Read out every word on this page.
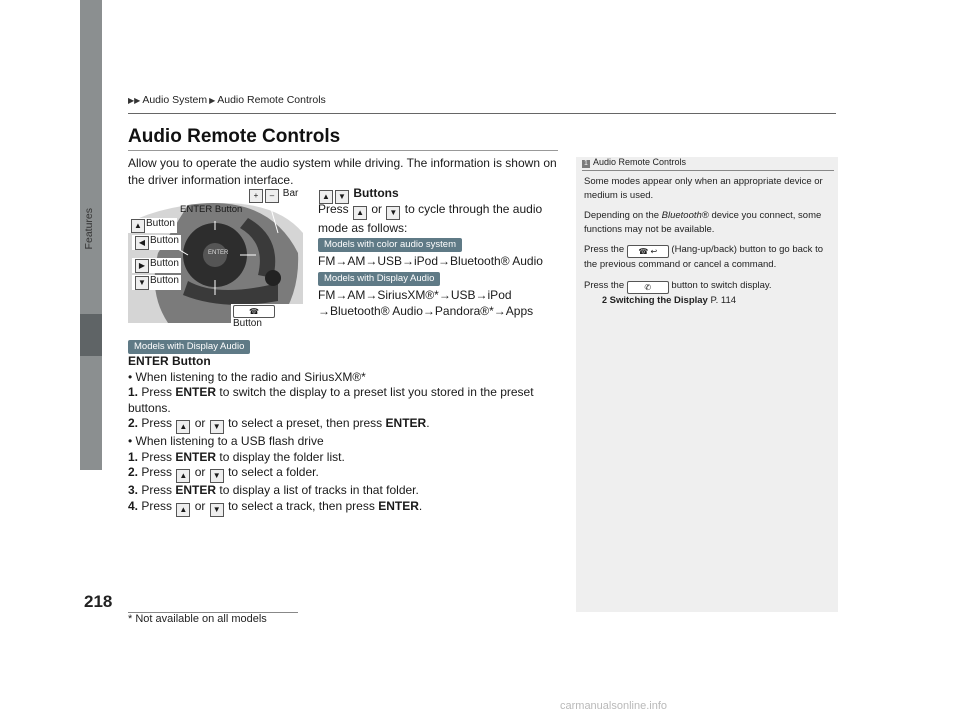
Features
218
▶▶ Audio System ▶ Audio Remote Controls
Audio Remote Controls
Allow you to operate the audio system while driving. The information is shown on the driver information interface.
ENTER Button
+ – Bar
▲ Button
◀ Button
▶ Button
▼ Button
☎ Button
ENTER
▲ ▼ Buttons
Press ▲ or ▼ to cycle through the audio mode as follows:
Models with color audio system
FM→AM→USB→iPod→Bluetooth® Audio
Models with Display Audio
FM→AM→SiriusXM®*→USB→iPod
→Bluetooth® Audio→Pandora®*→Apps
Models with Display Audio

ENTER Button

• When listening to the radio and SiriusXM®*

1. Press ENTER to switch the display to a preset list you stored in the preset buttons.

2. Press ▲ or ▼ to select a preset, then press ENTER.

• When listening to a USB flash drive

1. Press ENTER to display the folder list.

2. Press ▲ or ▼ to select a folder.

3. Press ENTER to display a list of tracks in that folder.

4. Press ▲ or ▼ to select a track, then press ENTER.

1 Audio Remote Controls

Some modes appear only when an appropriate device or medium is used.

Depending on the Bluetooth® device you connect, some functions may not be available.

Press the ☎ ↩ (Hang-up/back) button to go back to the previous command or cancel a command.

Press the	✆ button to switch display.
2 Switching the Display P. 114

* Not available on all models
carmanualsonline.info
